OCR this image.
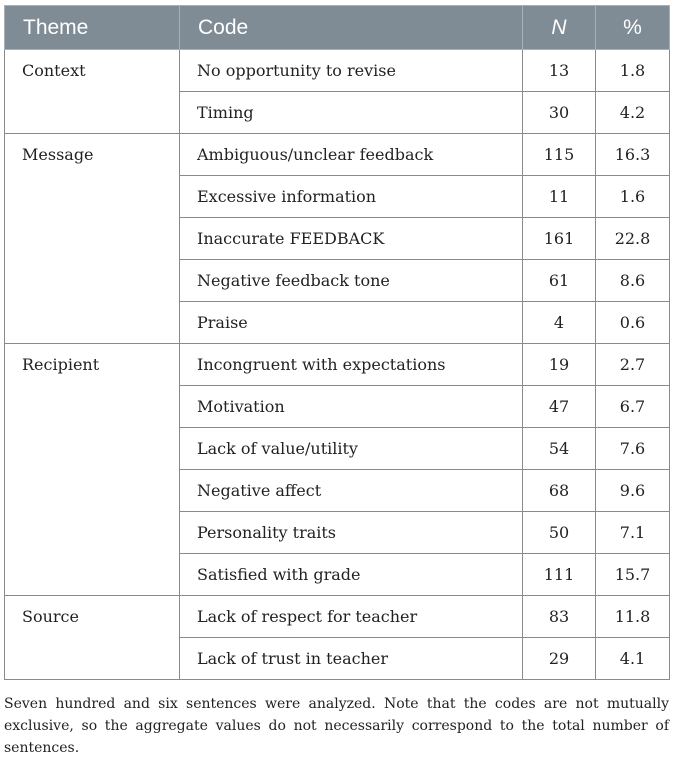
Theme	Code	N	%
Context	No opportunity to revise	13	1.8
	Timing	30	4.2
Message	Ambiguous/unclear feedback	115	16.3
	Excessive information	11	1.6
	Inaccurate FEEDBACK	161	22.8
	Negative feedback tone	61	8.6
	Praise	4	0.6
Recipient	Incongruent with expectations	19	2.7
	Motivation	47	6.7
	Lack of value/utility	54	7.6
	Negative affect	68	9.6
	Personality traits	50	7.1
	Satisfied with grade	111	15.7
Source	Lack of respect for teacher	83	11.8
	Lack of trust in teacher	29	4.1

Seven hundred and six sentences were analyzed. Note that the codes are not mutually exclusive, so the aggregate values do not necessarily correspond to the total number of sentences.
